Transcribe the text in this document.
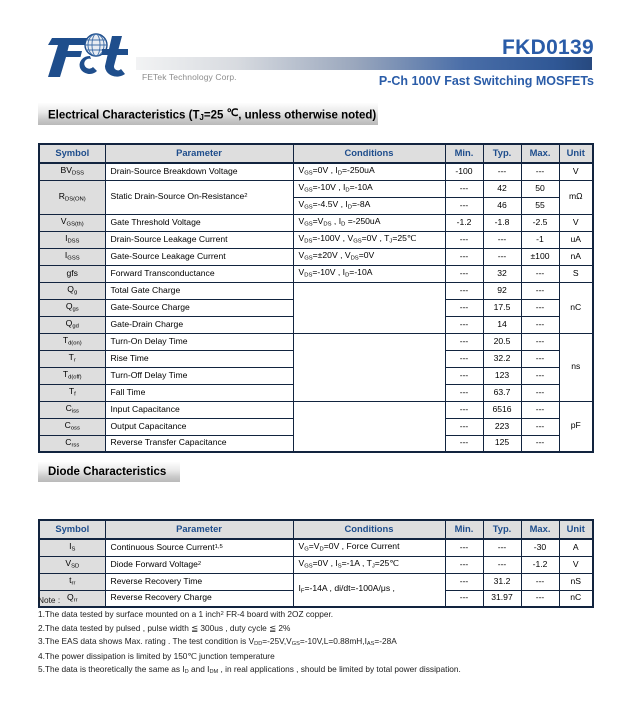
FETek Technology Corp.
FKD0139
P-Ch 100V Fast Switching MOSFETs
Electrical Characteristics ($T_J=25$ ℃, unless otherwise noted)
Symbol	Parameter	Conditions	Min.	Typ.	Max.	Unit
$BV_{DSS}$	Drain-Source Breakdown Voltage	$V_{GS}=0V$ , $I_D=-250uA$	-100	---	---	V
$R_{DS(ON)}$	Static Drain-Source On-Resistance$^2$	$V_{GS}=-10V$ , $I_D=-10A$	---	42	50	mΩ
		$V_{GS}=-4.5V$ , $I_D=-8A$	---	46	55	
$V_{GS(th)}$	Gate Threshold Voltage	$V_{GS}=V_{DS}$ , $I_D =-250uA$	-1.2	-1.8	-2.5	V
$I_{DSS}$	Drain-Source Leakage Current	$V_{DS}=-100V$ , $V_{GS}=0V$ , $T_J=25℃$	---	---	-1	uA
$I_{GSS}$	Gate-Source Leakage Current	$V_{GS}=\pm 20V$ , $V_{DS}=0V$	---	---	±100	nA
gfs	Forward Transconductance	$V_{DS}=-10V$ , $I_D=-10A$	---	32	---	S
$Q_g$	Total Gate Charge		---	92	---	nC
$Q_{gs}$	Gate-Source Charge		---	17.5	---	
$Q_{gd}$	Gate-Drain Charge		---	14	---	
$T_{d(on)}$	Turn-On Delay Time		---	20.5	---	ns
$T_r$	Rise Time		---	32.2	---	
$T_{d(off)}$	Turn-Off Delay Time		---	123	---	
$T_f$	Fall Time		---	63.7	---	
$C_{iss}$	Input Capacitance		---	6516	---	pF
$C_{oss}$	Output Capacitance		---	223	---	
$C_{rss}$	Reverse Transfer Capacitance		---	125	---	
Diode Characteristics
Symbol	Parameter	Conditions	Min.	Typ.	Max.	Unit
$I_S$	Continuous Source Current$^{1,5}$	$V_G=V_D=0V$ , Force Current	---	---	-30	A
$V_{SD}$	Diode Forward Voltage$^2$	$V_{GS}=0V$ , $I_S=-1A$ , $T_J=25℃$	---	---	-1.2	V
$t_{rr}$	Reverse Recovery Time	$I_F=-14A$ , di/dt=-100A/μs ,	---	31.2	---	nS
$Q_{rr}$	Reverse Recovery Charge		---	31.97	---	nC
Note :
1.The data tested by surface mounted on a 1 inch$^2$ FR-4 board with 2OZ copper.
2.The data tested by pulsed , pulse width ≦ 300us , duty cycle ≦ 2%
3.The EAS data shows Max. rating . The test condition is $V_{DD}=-25V,V_{GS}=-10V,L=0.88mH,I_{AS}=-28A$
4.The power dissipation is limited by 150℃ junction temperature
5.The data is theoretically the same as $I_D$ and $I_{DM}$ , in real applications , should be limited by total power dissipation.
